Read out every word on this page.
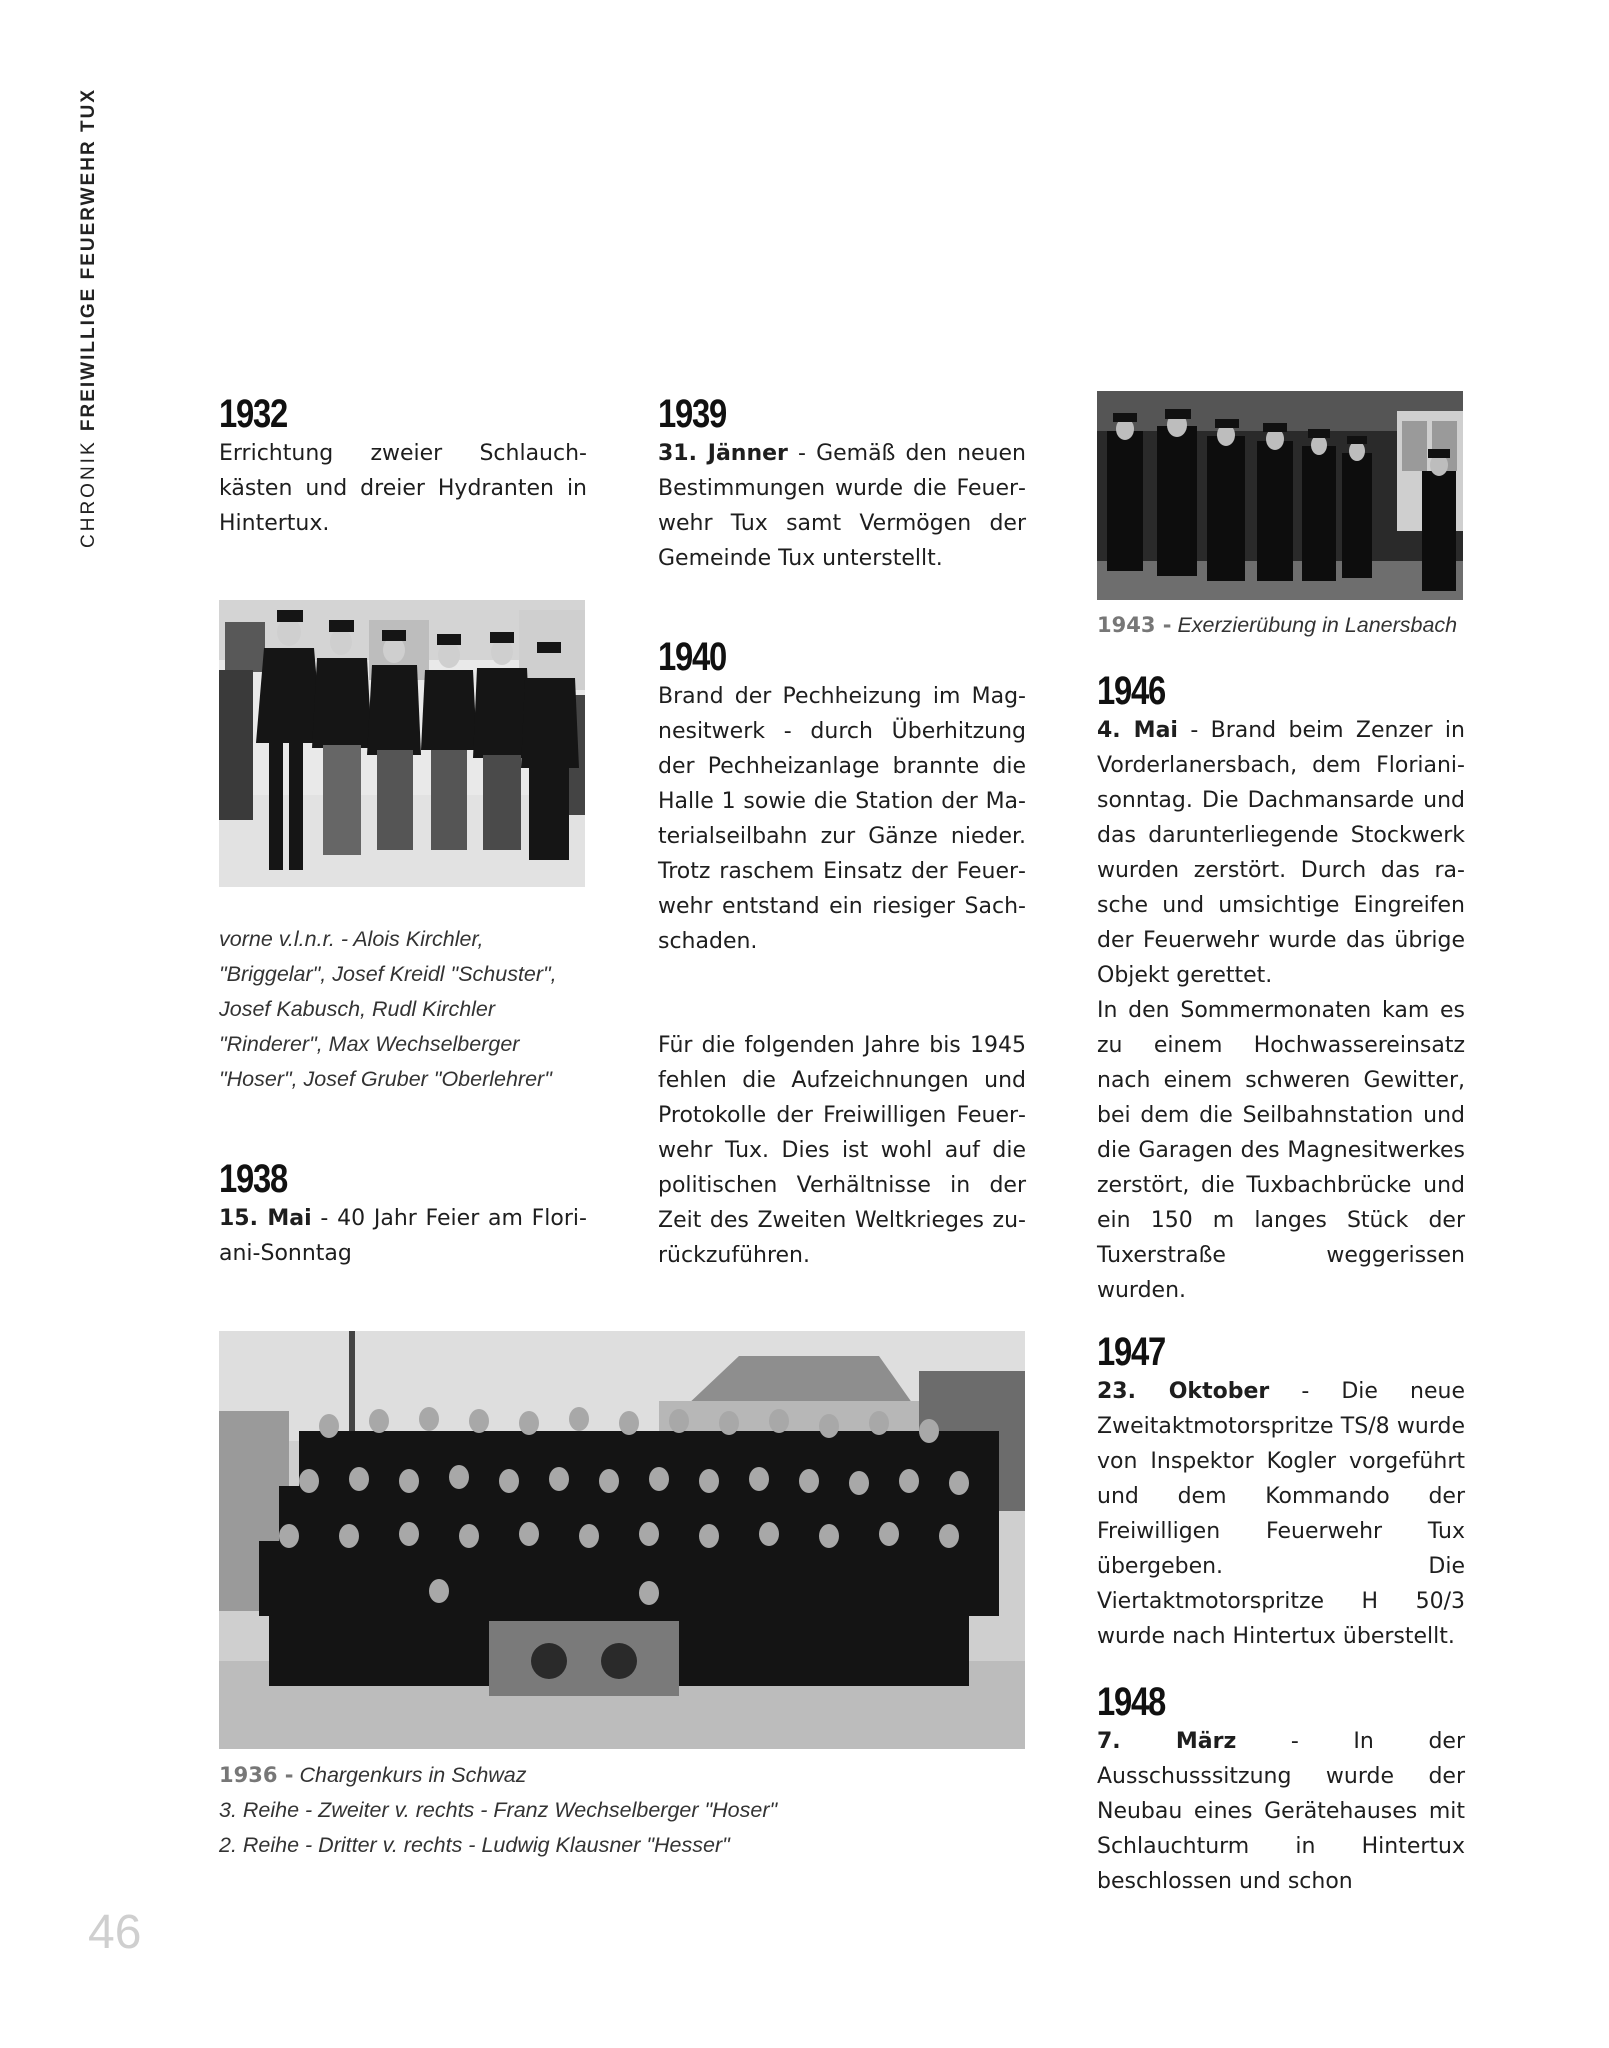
CHRONIK FREIWILLIGE FEUERWEHR TUX	1932
Errichtung zweier Schlauchkästen und dreier Hydranten in Hintertux.
vorne v.l.n.r. - Alois Kirchler, "Briggelar", Josef Kreidl "Schuster", Josef Kabusch, Rudl Kirchler "Rinderer", Max Wechselberger "Hoser", Josef Gruber "Oberlehrer"
1938
15. Mai - 40 Jahr Feier am Floriani-Sonntag
1939
31. Jänner - Gemäß den neuen Bestimmungen wurde die Feuerwehr Tux samt Vermögen der Gemeinde Tux unterstellt.
1940
Brand der Pechheizung im Magnesitwerk - durch Überhitzung der Pechheizanlage brannte die Halle 1 sowie die Station der Materialseilbahn zur Gänze nieder. Trotz raschem Einsatz der Feuerwehr entstand ein riesiger Sachschaden.
Für die folgenden Jahre bis 1945 fehlen die Aufzeichnungen und Protokolle der Freiwilligen Feuerwehr Tux. Dies ist wohl auf die politischen Verhältnisse in der Zeit des Zweiten Weltkrieges zurückzuführen.
1943 - Exerzierübung in Lanersbach
1946
4. Mai - Brand beim Zenzer in Vorderlanersbach, dem Florianisonntag. Die Dachmansarde und das darunterliegende Stockwerk wurden zerstört. Durch das rasche und umsichtige Eingreifen der Feuerwehr wurde das übrige Objekt gerettet.
In den Sommermonaten kam es zu einem Hochwassereinsatz nach einem schweren Gewitter, bei dem die Seilbahnstation und die Garagen des Magnesitwerkes zerstört, die Tuxbachbrücke und ein 150 m langes Stück der Tuxerstraße weggerissen wurden.
1947
23. Oktober - Die neue Zweitaktmotorspritze TS/8 wurde von Inspektor Kogler vorgeführt und dem Kommando der Freiwilligen Feuerwehr Tux übergeben. Die Viertaktmotorspritze H 50/3 wurde nach Hintertux überstellt.
1948
7. März - In der Ausschusssitzung wurde der Neubau eines Gerätehauses mit Schlauchturm in Hintertux beschlossen und schon
1936 - Chargenkurs in Schwaz
3. Reihe - Zweiter v. rechts - Franz Wechselberger "Hoser"
2. Reihe - Dritter v. rechts - Ludwig Klausner "Hesser"
46
